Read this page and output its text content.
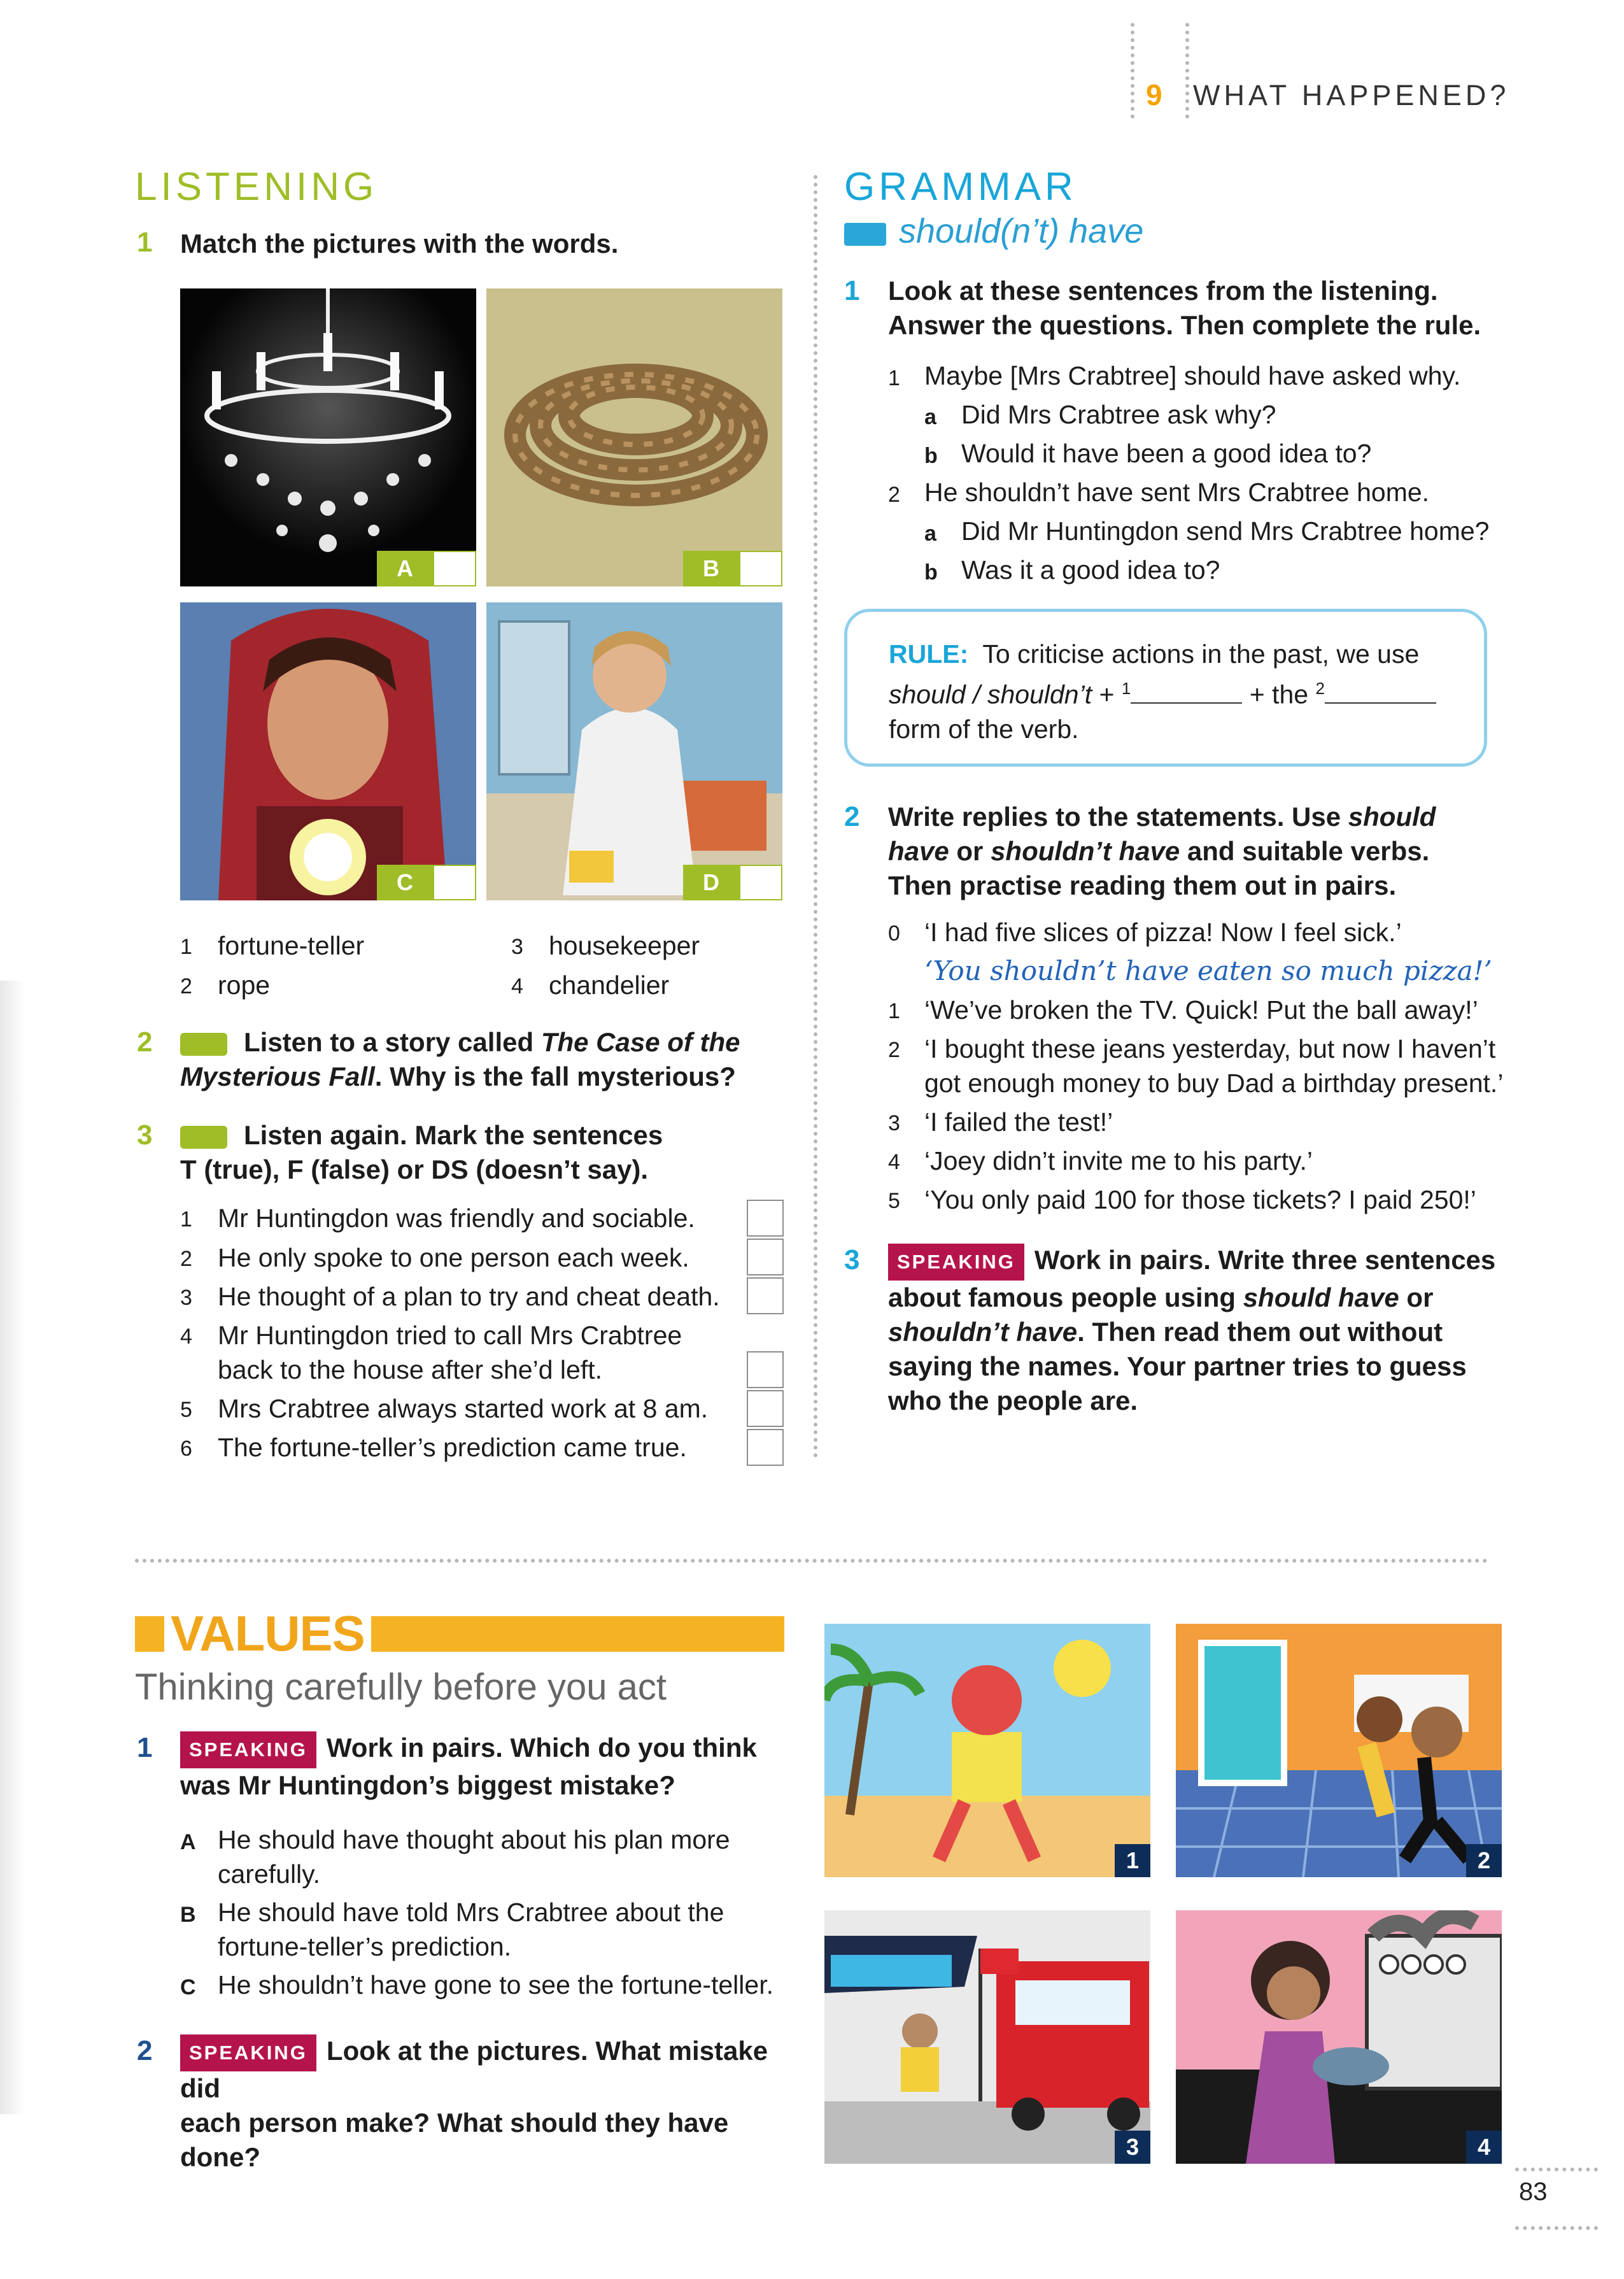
9 WHAT HAPPENED?
LISTENING
1 Match the pictures with the words.
A	B
C	D
1 fortune-teller
2 rope
3 housekeeper
4 chandelier
2	Listen to a story called The Case of the
Mysterious Fall. Why is the fall mysterious?
3	Listen again. Mark the sentences
T (true), F (false) or DS (doesn’t say).
1 Mr Huntingdon was friendly and sociable.
2 He only spoke to one person each week.
3 He thought of a plan to try and cheat death.
4 Mr Huntingdon tried to call Mrs Crabtree
back to the house after she’d left.
5 Mrs Crabtree always started work at 8 am.
6 The fortune-teller’s prediction came true.
GRAMMAR
should(n’t) have
1 Look at these sentences from the listening.
Answer the questions. Then complete the rule.
1 Maybe [Mrs Crabtree] should have asked why.
a Did Mrs Crabtree ask why?
b Would it have been a good idea to?
2 He shouldn’t have sent Mrs Crabtree home.
a Did Mr Huntingdon send Mrs Crabtree home?
b Was it a good idea to?
RULE: To criticise actions in the past, we use
should / shouldn’t + $^1$	+ the $^2$
form of the verb.
2 Write replies to the statements. Use should
have or shouldn’t have and suitable verbs.
Then practise reading them out in pairs.
0 ‘I had five slices of pizza! Now I feel sick.’
‘You shouldn’t have eaten so much pizza!’
1 ‘We’ve broken the TV. Quick! Put the ball away!’
2 ‘I bought these jeans yesterday, but now I haven’t
got enough money to buy Dad a birthday present.’
3 ‘I failed the test!’
4 ‘Joey didn’t invite me to his party.’
5 ‘You only paid 100 for those tickets? I paid 250!’
3	SPEAKING Work in pairs. Write three sentences
about famous people using should have or
shouldn’t have. Then read them out without
saying the names. Your partner tries to guess
who the people are.
VALUES
Thinking carefully before you act
1	SPEAKING Work in pairs. Which do you think
was Mr Huntingdon’s biggest mistake?
A He should have thought about his plan more
carefully.
B He should have told Mrs Crabtree about the
fortune-teller’s prediction.
C He shouldn’t have gone to see the fortune-teller.
2	SPEAKING Look at the pictures. What mistake did
each person make? What should they have done?
1	2
3	4
83
